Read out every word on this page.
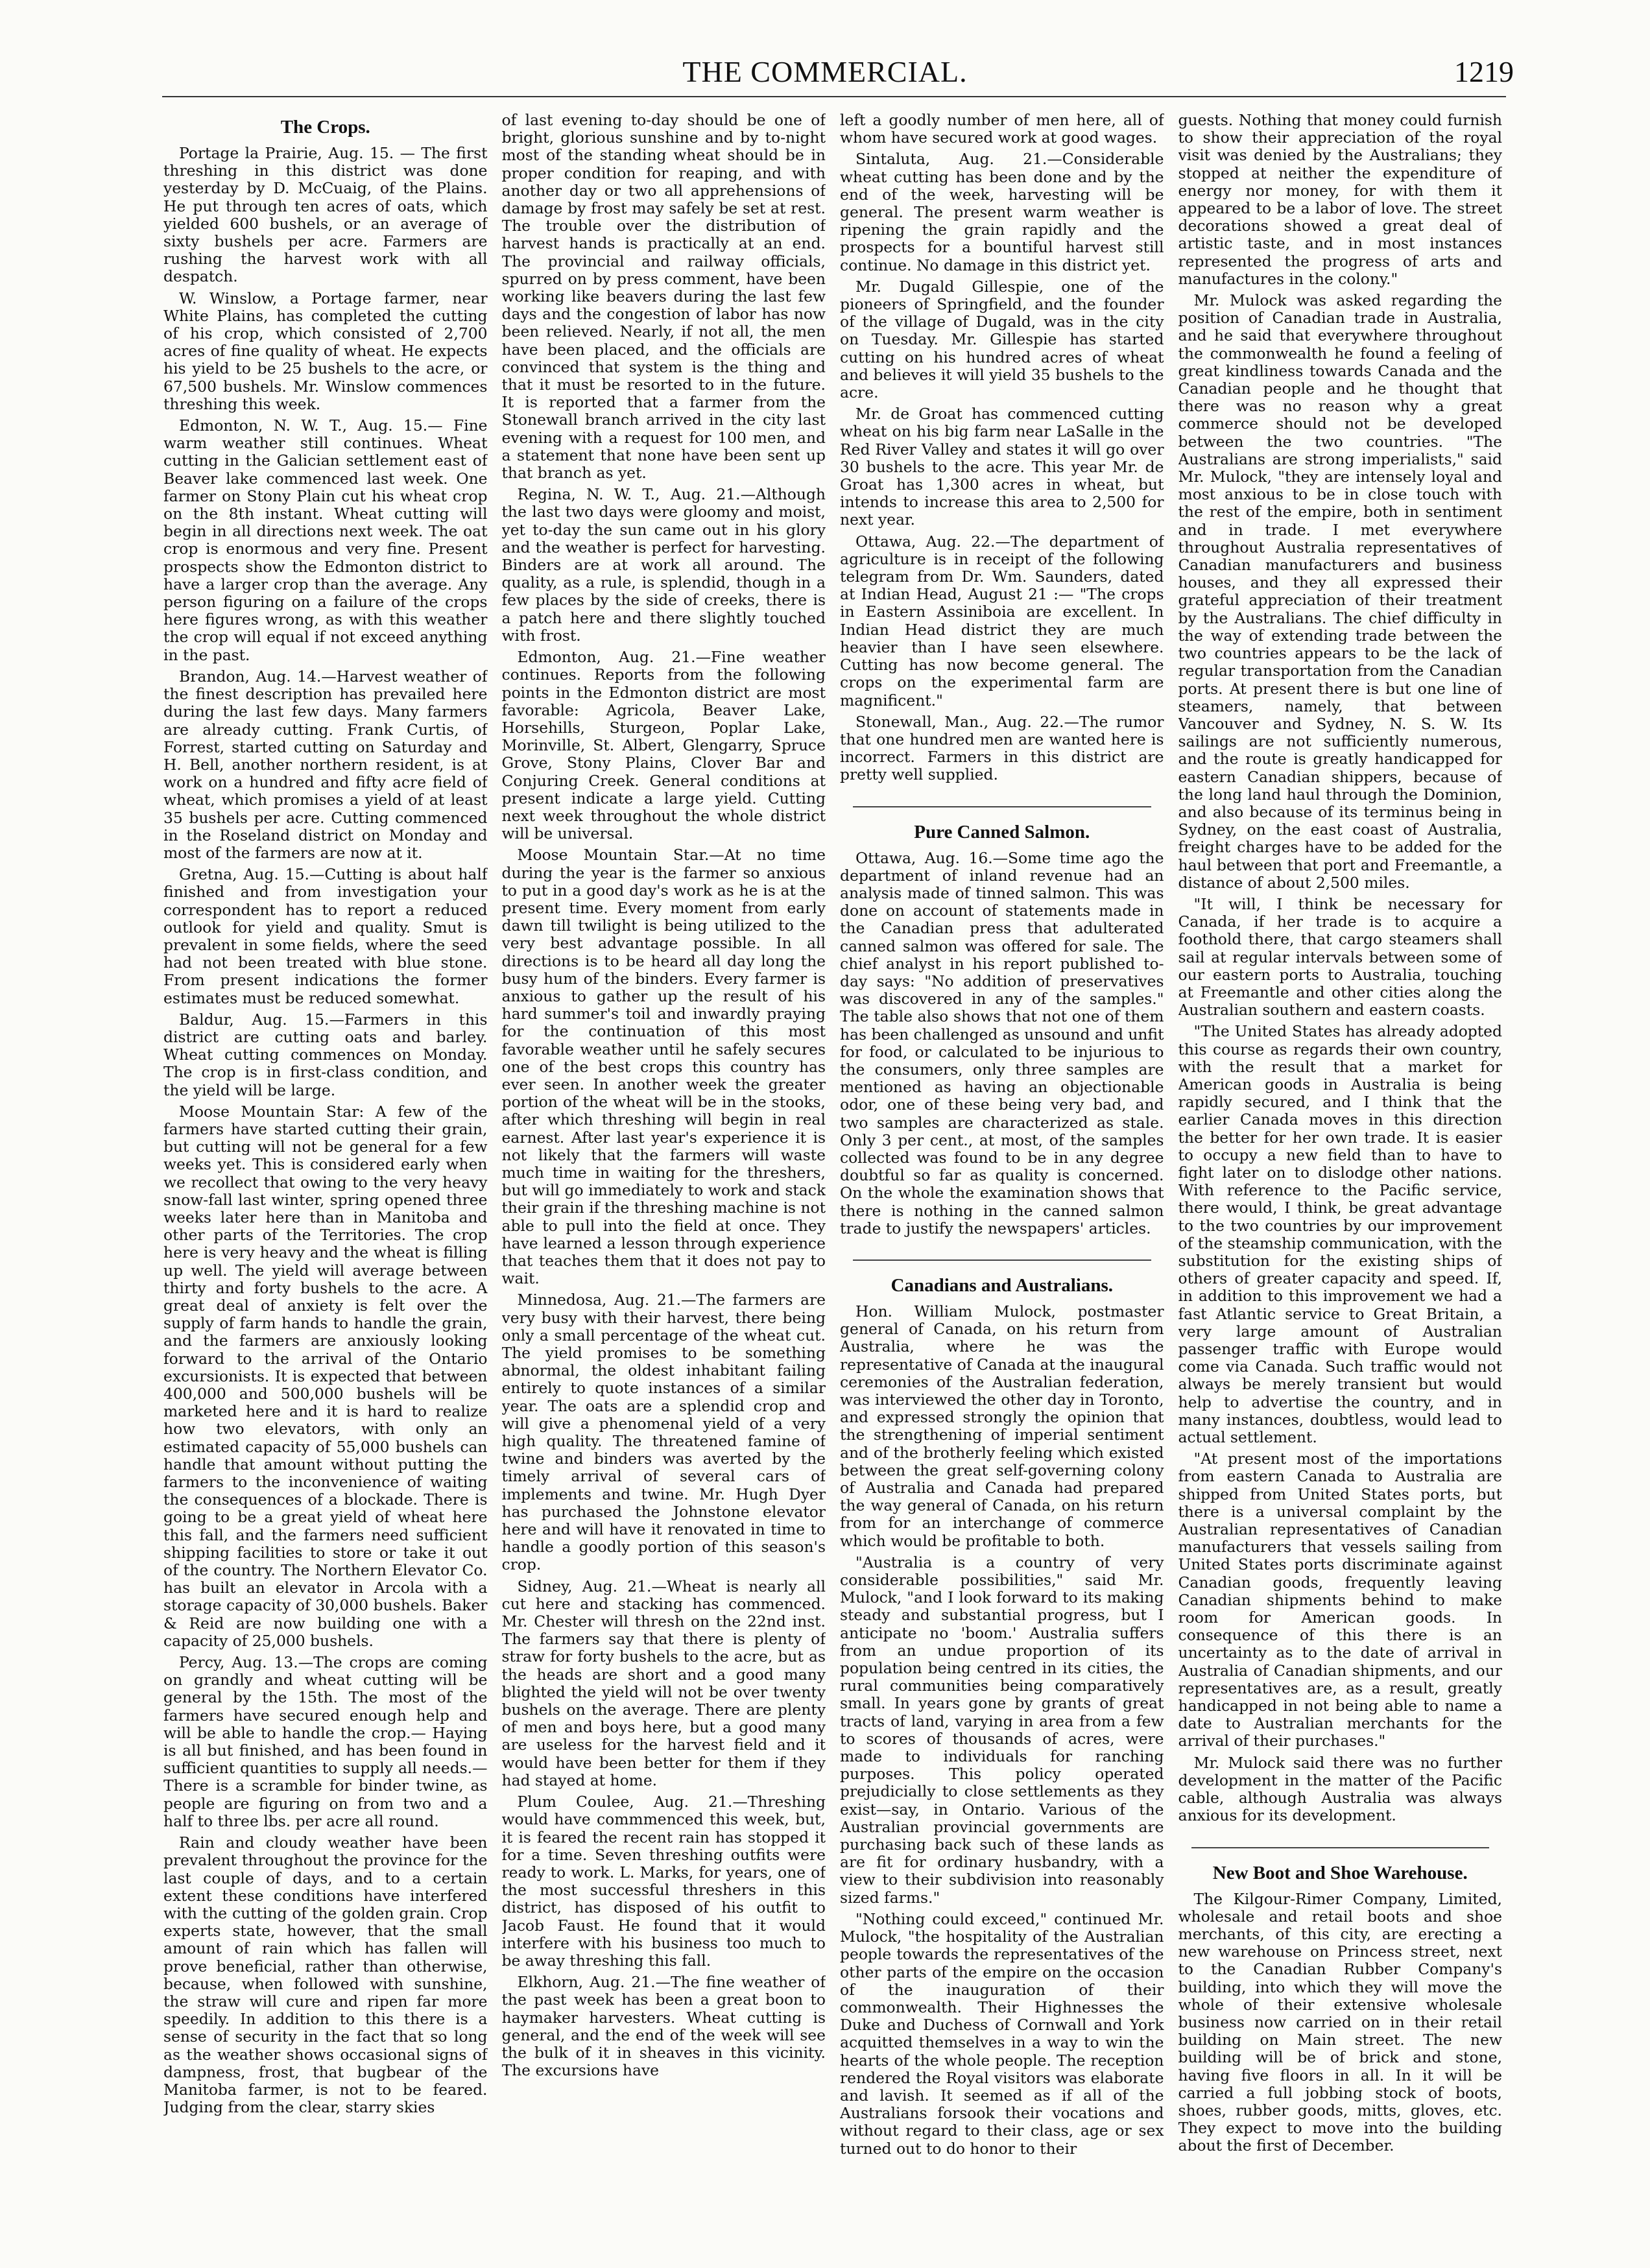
THE COMMERCIAL.	1219
The Crops.

Portage la Prairie, Aug. 15. — The first threshing in this district was done yesterday by D. McCuaig, of the Plains. He put through ten acres of oats, which yielded 600 bushels, or an average of sixty bushels per acre. Farmers are rushing the harvest work with all despatch.

W. Winslow, a Portage farmer, near White Plains, has completed the cutting of his crop, which consisted of 2,700 acres of fine quality of wheat. He expects his yield to be 25 bushels to the acre, or 67,500 bushels. Mr. Winslow commences threshing this week.

Edmonton, N. W. T., Aug. 15.— Fine warm weather still continues. Wheat cutting in the Galician settlement east of Beaver lake commenced last week. One farmer on Stony Plain cut his wheat crop on the 8th instant. Wheat cutting will begin in all directions next week. The oat crop is enormous and very fine. Present prospects show the Edmonton district to have a larger crop than the average. Any person figuring on a failure of the crops here figures wrong, as with this weather the crop will equal if not exceed anything in the past.

Brandon, Aug. 14.—Harvest weather of the finest description has prevailed here during the last few days. Many farmers are already cutting. Frank Curtis, of Forrest, started cutting on Saturday and H. Bell, another northern resident, is at work on a hundred and fifty acre field of wheat, which promises a yield of at least 35 bushels per acre. Cutting commenced in the Roseland district on Monday and most of the farmers are now at it.

Gretna, Aug. 15.—Cutting is about half finished and from investigation your correspondent has to report a reduced outlook for yield and quality. Smut is prevalent in some fields, where the seed had not been treated with blue stone. From present indications the former estimates must be reduced somewhat.

Baldur, Aug. 15.—Farmers in this district are cutting oats and barley. Wheat cutting commences on Monday. The crop is in first-class condition, and the yield will be large.

Moose Mountain Star: A few of the farmers have started cutting their grain, but cutting will not be general for a few weeks yet. This is considered early when we recollect that owing to the very heavy snow-fall last winter, spring opened three weeks later here than in Manitoba and other parts of the Territories. The crop here is very heavy and the wheat is filling up well. The yield will average between thirty and forty bushels to the acre. A great deal of anxiety is felt over the supply of farm hands to handle the grain, and the farmers are anxiously looking forward to the arrival of the Ontario excursionists. It is expected that between 400,000 and 500,000 bushels will be marketed here and it is hard to realize how two elevators, with only an estimated capacity of 55,000 bushels can handle that amount without putting the farmers to the inconvenience of waiting the consequences of a blockade. There is going to be a great yield of wheat here this fall, and the farmers need sufficient shipping facilities to store or take it out of the country. The Northern Elevator Co. has built an elevator in Arcola with a storage capacity of 30,000 bushels. Baker & Reid are now building one with a capacity of 25,000 bushels.

Percy, Aug. 13.—The crops are coming on grandly and wheat cutting will be general by the 15th. The most of the farmers have secured enough help and will be able to handle the crop.— Haying is all but finished, and has been found in sufficient quantities to supply all needs.—There is a scramble for binder twine, as people are figuring on from two and a half to three lbs. per acre all round.

Rain and cloudy weather have been prevalent throughout the province for the last couple of days, and to a certain extent these conditions have interfered with the cutting of the golden grain. Crop experts state, however, that the small amount of rain which has fallen will prove beneficial, rather than otherwise, because, when followed with sunshine, the straw will cure and ripen far more speedily. In addition to this there is a sense of security in the fact that so long as the weather shows occasional signs of dampness, frost, that bugbear of the Manitoba farmer, is not to be feared. Judging from the clear, starry skies

of last evening to-day should be one of bright, glorious sunshine and by to-night most of the standing wheat should be in proper condition for reaping, and with another day or two all apprehensions of damage by frost may safely be set at rest. The trouble over the distribution of harvest hands is practically at an end. The provincial and railway officials, spurred on by press comment, have been working like beavers during the last few days and the congestion of labor has now been relieved. Nearly, if not all, the men have been placed, and the officials are convinced that system is the thing and that it must be resorted to in the future. It is reported that a farmer from the Stonewall branch arrived in the city last evening with a request for 100 men, and a statement that none have been sent up that branch as yet.

Regina, N. W. T., Aug. 21.—Although the last two days were gloomy and moist, yet to-day the sun came out in his glory and the weather is perfect for harvesting. Binders are at work all around. The quality, as a rule, is splendid, though in a few places by the side of creeks, there is a patch here and there slightly touched with frost.

Edmonton, Aug. 21.—Fine weather continues. Reports from the following points in the Edmonton district are most favorable: Agricola, Beaver Lake, Horsehills, Sturgeon, Poplar Lake, Morinville, St. Albert, Glengarry, Spruce Grove, Stony Plains, Clover Bar and Conjuring Creek. General conditions at present indicate a large yield. Cutting next week throughout the whole district will be universal.

Moose Mountain Star.—At no time during the year is the farmer so anxious to put in a good day's work as he is at the present time. Every moment from early dawn till twilight is being utilized to the very best advantage possible. In all directions is to be heard all day long the busy hum of the binders. Every farmer is anxious to gather up the result of his hard summer's toil and inwardly praying for the continuation of this most favorable weather until he safely secures one of the best crops this country has ever seen. In another week the greater portion of the wheat will be in the stooks, after which threshing will begin in real earnest. After last year's experience it is not likely that the farmers will waste much time in waiting for the threshers, but will go immediately to work and stack their grain if the threshing machine is not able to pull into the field at once. They have learned a lesson through experience that teaches them that it does not pay to wait.

Minnedosa, Aug. 21.—The farmers are very busy with their harvest, there being only a small percentage of the wheat cut. The yield promises to be something abnormal, the oldest inhabitant failing entirely to quote instances of a similar year. The oats are a splendid crop and will give a phenomenal yield of a very high quality. The threatened famine of twine and binders was averted by the timely arrival of several cars of implements and twine. Mr. Hugh Dyer has purchased the Johnstone elevator here and will have it renovated in time to handle a goodly portion of this season's crop.

Sidney, Aug. 21.—Wheat is nearly all cut here and stacking has commenced. Mr. Chester will thresh on the 22nd inst. The farmers say that there is plenty of straw for forty bushels to the acre, but as the heads are short and a good many blighted the yield will not be over twenty bushels on the average. There are plenty of men and boys here, but a good many are useless for the harvest field and it would have been better for them if they had stayed at home.

Plum Coulee, Aug. 21.—Threshing would have commmenced this week, but, it is feared the recent rain has stopped it for a time. Seven threshing outfits were ready to work. L. Marks, for years, one of the most successful threshers in this district, has disposed of his outfit to Jacob Faust. He found that it would interfere with his business too much to be away threshing this fall.

Elkhorn, Aug. 21.—The fine weather of the past week has been a great boon to haymaker harvesters. Wheat cutting is general, and the end of the week will see the bulk of it in sheaves in this vicinity. The excursions have

left a goodly number of men here, all of whom have secured work at good wages.

Sintaluta, Aug. 21.—Considerable wheat cutting has been done and by the end of the week, harvesting will be general. The present warm weather is ripening the grain rapidly and the prospects for a bountiful harvest still continue. No damage in this district yet.

Mr. Dugald Gillespie, one of the pioneers of Springfield, and the founder of the village of Dugald, was in the city on Tuesday. Mr. Gillespie has started cutting on his hundred acres of wheat and believes it will yield 35 bushels to the acre.

Mr. de Groat has commenced cutting wheat on his big farm near LaSalle in the Red River Valley and states it will go over 30 bushels to the acre. This year Mr. de Groat has 1,300 acres in wheat, but intends to increase this area to 2,500 for next year.

Ottawa, Aug. 22.—The department of agriculture is in receipt of the following telegram from Dr. Wm. Saunders, dated at Indian Head, August 21 :— "The crops in Eastern Assiniboia are excellent. In Indian Head district they are much heavier than I have seen elsewhere. Cutting has now become general. The crops on the experimental farm are magnificent."

Stonewall, Man., Aug. 22.—The rumor that one hundred men are wanted here is incorrect. Farmers in this district are pretty well supplied.

Pure Canned Salmon.

Ottawa, Aug. 16.—Some time ago the department of inland revenue had an analysis made of tinned salmon. This was done on account of statements made in the Canadian press that adulterated canned salmon was offered for sale. The chief analyst in his report published to-day says: "No addition of preservatives was discovered in any of the samples." The table also shows that not one of them has been challenged as unsound and unfit for food, or calculated to be injurious to the consumers, only three samples are mentioned as having an objectionable odor, one of these being very bad, and two samples are characterized as stale. Only 3 per cent., at most, of the samples collected was found to be in any degree doubtful so far as quality is concerned. On the whole the examination shows that there is nothing in the canned salmon trade to justify the newspapers' articles.

Canadians and Australians.

Hon. William Mulock, postmaster general of Canada, on his return from Australia, where he was the representative of Canada at the inaugural ceremonies of the Australian federation, was interviewed the other day in Toronto, and expressed strongly the opinion that the strengthening of imperial sentiment and of the brotherly feeling which existed between the great self-governing colony of Australia and Canada had prepared the way general of Canada, on his return from for an interchange of commerce which would be profitable to both.

"Australia is a country of very considerable possibilities," said Mr. Mulock, "and I look forward to its making steady and substantial progress, but I anticipate no 'boom.' Australia suffers from an undue proportion of its population being centred in its cities, the rural communities being comparatively small. In years gone by grants of great tracts of land, varying in area from a few to scores of thousands of acres, were made to individuals for ranching purposes. This policy operated prejudicially to close settlements as they exist—say, in Ontario. Various of the Australian provincial governments are purchasing back such of these lands as are fit for ordinary husbandry, with a view to their subdivision into reasonably sized farms."

"Nothing could exceed," continued Mr. Mulock, "the hospitality of the Australian people towards the representatives of the other parts of the empire on the occasion of the inauguration of their commonwealth. Their Highnesses the Duke and Duchess of Cornwall and York acquitted themselves in a way to win the hearts of the whole people. The reception rendered the Royal visitors was elaborate and lavish. It seemed as if all of the Australians forsook their vocations and without regard to their class, age or sex turned out to do honor to their

guests. Nothing that money could furnish to show their appreciation of the royal visit was denied by the Australians; they stopped at neither the expenditure of energy nor money, for with them it appeared to be a labor of love. The street decorations showed a great deal of artistic taste, and in most instances represented the progress of arts and manufactures in the colony."

Mr. Mulock was asked regarding the position of Canadian trade in Australia, and he said that everywhere throughout the commonwealth he found a feeling of great kindliness towards Canada and the Canadian people and he thought that there was no reason why a great commerce should not be developed between the two countries. "The Australians are strong imperialists," said Mr. Mulock, "they are intensely loyal and most anxious to be in close touch with the rest of the empire, both in sentiment and in trade. I met everywhere throughout Australia representatives of Canadian manufacturers and business houses, and they all expressed their grateful appreciation of their treatment by the Australians. The chief difficulty in the way of extending trade between the two countries appears to be the lack of regular transportation from the Canadian ports. At present there is but one line of steamers, namely, that between Vancouver and Sydney, N. S. W. Its sailings are not sufficiently numerous, and the route is greatly handicapped for eastern Canadian shippers, because of the long land haul through the Dominion, and also because of its terminus being in Sydney, on the east coast of Australia, freight charges have to be added for the haul between that port and Freemantle, a distance of about 2,500 miles.

"It will, I think be necessary for Canada, if her trade is to acquire a foothold there, that cargo steamers shall sail at regular intervals between some of our eastern ports to Australia, touching at Freemantle and other cities along the Australian southern and eastern coasts.

"The United States has already adopted this course as regards their own country, with the result that a market for American goods in Australia is being rapidly secured, and I think that the earlier Canada moves in this direction the better for her own trade. It is easier to occupy a new field than to have to fight later on to dislodge other nations. With reference to the Pacific service, there would, I think, be great advantage to the two countries by our improvement of the steamship communication, with the substitution for the existing ships of others of greater capacity and speed. If, in addition to this improvement we had a fast Atlantic service to Great Britain, a very large amount of Australian passenger traffic with Europe would come via Canada. Such traffic would not always be merely transient but would help to advertise the country, and in many instances, doubtless, would lead to actual settlement.

"At present most of the importations from eastern Canada to Australia are shipped from United States ports, but there is a universal complaint by the Australian representatives of Canadian manufacturers that vessels sailing from United States ports discriminate against Canadian goods, frequently leaving Canadian shipments behind to make room for American goods. In consequence of this there is an uncertainty as to the date of arrival in Australia of Canadian shipments, and our representatives are, as a result, greatly handicapped in not being able to name a date to Australian merchants for the arrival of their purchases."

Mr. Mulock said there was no further development in the matter of the Pacific cable, although Australia was always anxious for its development.

New Boot and Shoe Warehouse.

The Kilgour-Rimer Company, Limited, wholesale and retail boots and shoe merchants, of this city, are erecting a new warehouse on Princess street, next to the Canadian Rubber Company's building, into which they will move the whole of their extensive wholesale business now carried on in their retail building on Main street. The new building will be of brick and stone, having five floors in all. In it will be carried a full jobbing stock of boots, shoes, rubber goods, mitts, gloves, etc. They expect to move into the building about the first of December.
